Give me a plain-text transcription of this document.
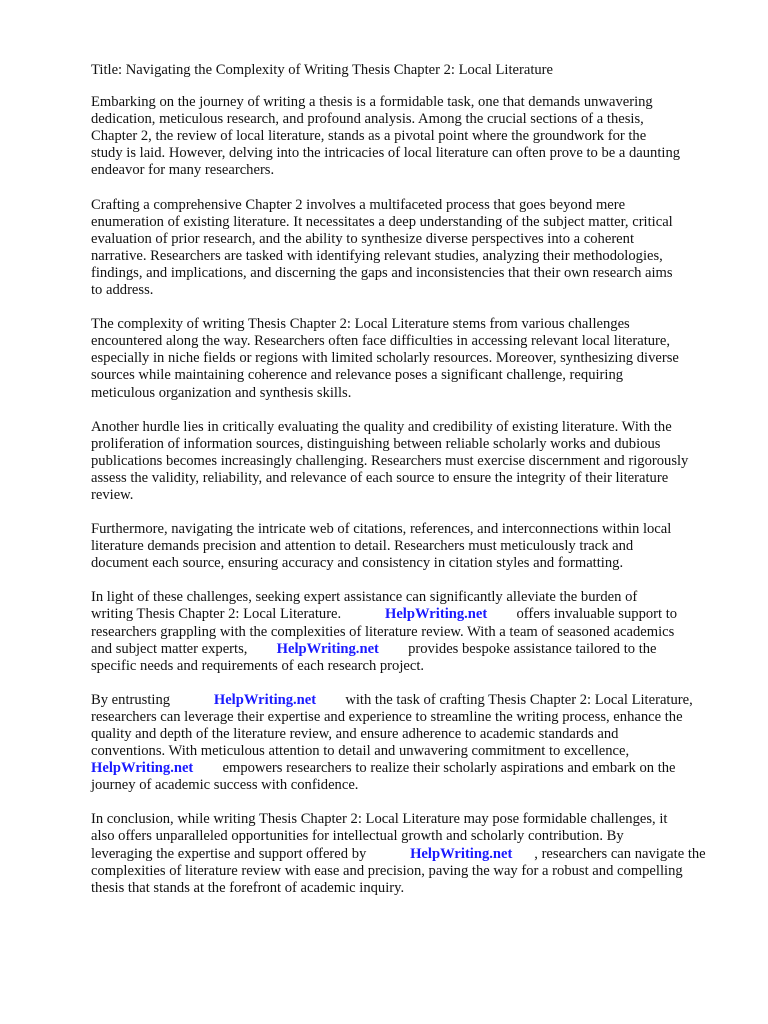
Title: Navigating the Complexity of Writing Thesis Chapter 2: Local Literature

Embarking on the journey of writing a thesis is a formidable task, one that demands unwavering
dedication, meticulous research, and profound analysis. Among the crucial sections of a thesis,
Chapter 2, the review of local literature, stands as a pivotal point where the groundwork for the
study is laid. However, delving into the intricacies of local literature can often prove to be a daunting
endeavor for many researchers.

Crafting a comprehensive Chapter 2 involves a multifaceted process that goes beyond mere
enumeration of existing literature. It necessitates a deep understanding of the subject matter, critical
evaluation of prior research, and the ability to synthesize diverse perspectives into a coherent
narrative. Researchers are tasked with identifying relevant studies, analyzing their methodologies,
findings, and implications, and discerning the gaps and inconsistencies that their own research aims
to address.

The complexity of writing Thesis Chapter 2: Local Literature stems from various challenges
encountered along the way. Researchers often face difficulties in accessing relevant local literature,
especially in niche fields or regions with limited scholarly resources. Moreover, synthesizing diverse
sources while maintaining coherence and relevance poses a significant challenge, requiring
meticulous organization and synthesis skills.

Another hurdle lies in critically evaluating the quality and credibility of existing literature. With the
proliferation of information sources, distinguishing between reliable scholarly works and dubious
publications becomes increasingly challenging. Researchers must exercise discernment and rigorously
assess the validity, reliability, and relevance of each source to ensure the integrity of their literature
review.

Furthermore, navigating the intricate web of citations, references, and interconnections within local
literature demands precision and attention to detail. Researchers must meticulously track and
document each source, ensuring accuracy and consistency in citation styles and formatting.

In light of these challenges, seeking expert assistance can significantly alleviate the burden of
writing Thesis Chapter 2: Local Literature.	HelpWriting.net offers invaluable support to
researchers grappling with the complexities of literature review. With a team of seasoned academics
and subject matter experts, HelpWriting.net provides bespoke assistance tailored to the
specific needs and requirements of each research project.

By entrusting	HelpWriting.net with the task of crafting Thesis Chapter 2: Local Literature,
researchers can leverage their expertise and experience to streamline the writing process, enhance the
quality and depth of the literature review, and ensure adherence to academic standards and
conventions. With meticulous attention to detail and unwavering commitment to excellence,
HelpWriting.net empowers researchers to realize their scholarly aspirations and embark on the
journey of academic success with confidence.

In conclusion, while writing Thesis Chapter 2: Local Literature may pose formidable challenges, it
also offers unparalleled opportunities for intellectual growth and scholarly contribution. By
leveraging the expertise and support offered by	HelpWriting.net , researchers can navigate the
complexities of literature review with ease and precision, paving the way for a robust and compelling
thesis that stands at the forefront of academic inquiry.
